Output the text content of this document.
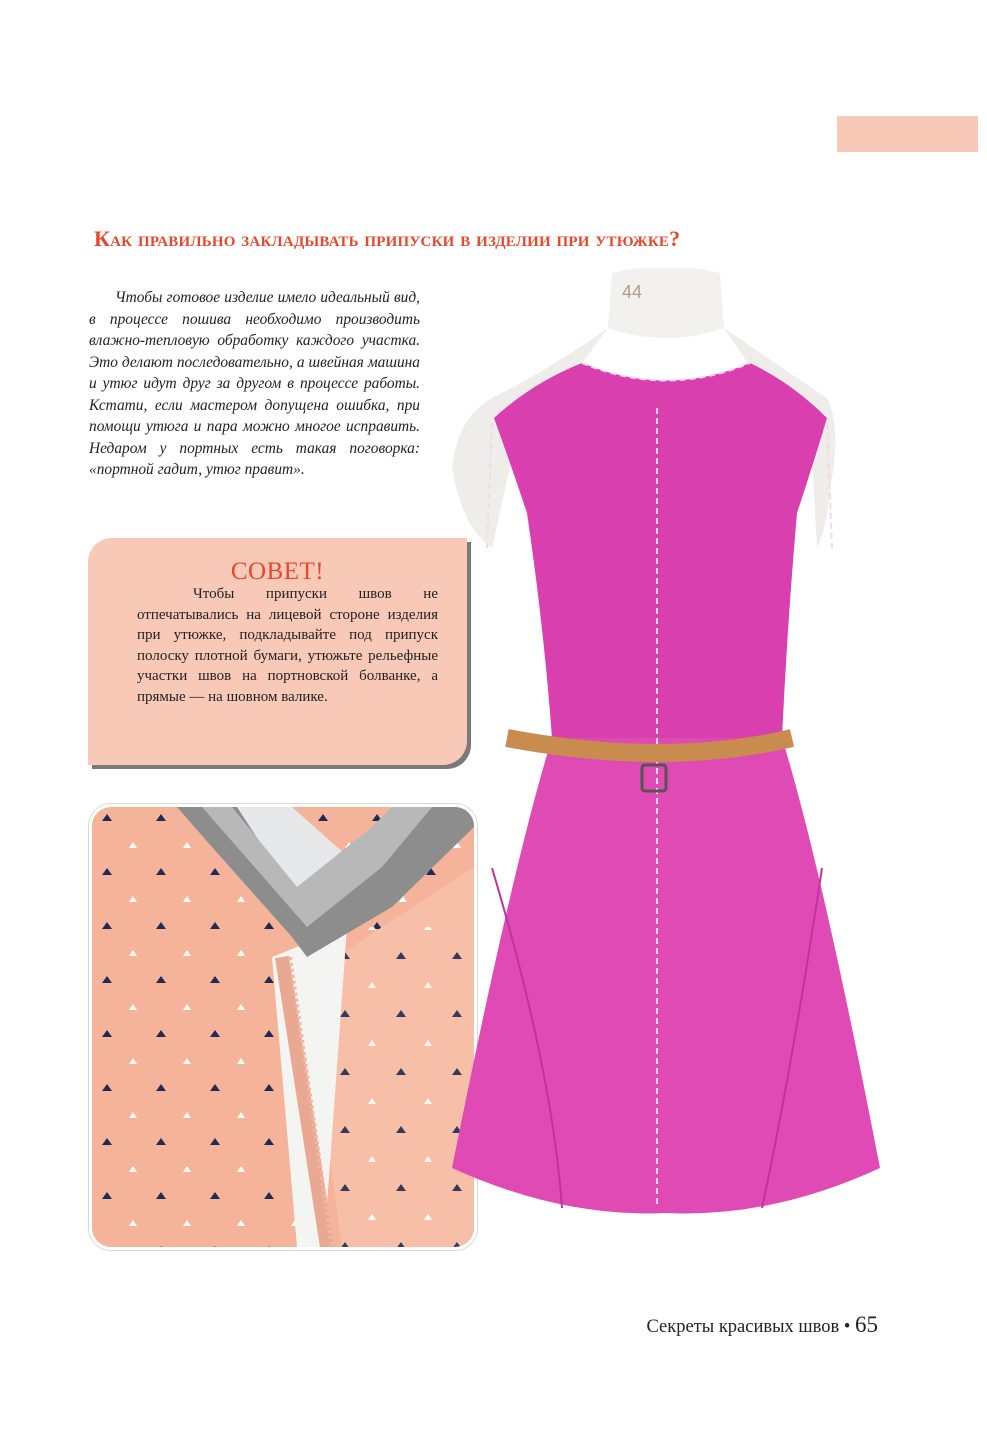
Как правильно закладывать припуски в изделии при утюжке?

Чтобы готовое изделие имело идеальный вид, в процессе пошива необходимо производить влажно-тепловую обработку каждого участка. Это делают последовательно, а швейная машина и утюг идут друг за другом в процессе работы. Кстати, если мастером допущена ошибка, при помощи утюга и пара можно многое исправить. Недаром у портных есть такая поговорка: «портной гадит, утюг правит».

СОВЕТ!

Чтобы припуски швов не отпечатывались на лицевой стороне изделия при утюжке, подкладывайте под припуск полоску плотной бумаги, утюжьте рельефные участки швов на портновской болванке, а прямые — на шовном валике.

44
Секреты красивых швов • 65
